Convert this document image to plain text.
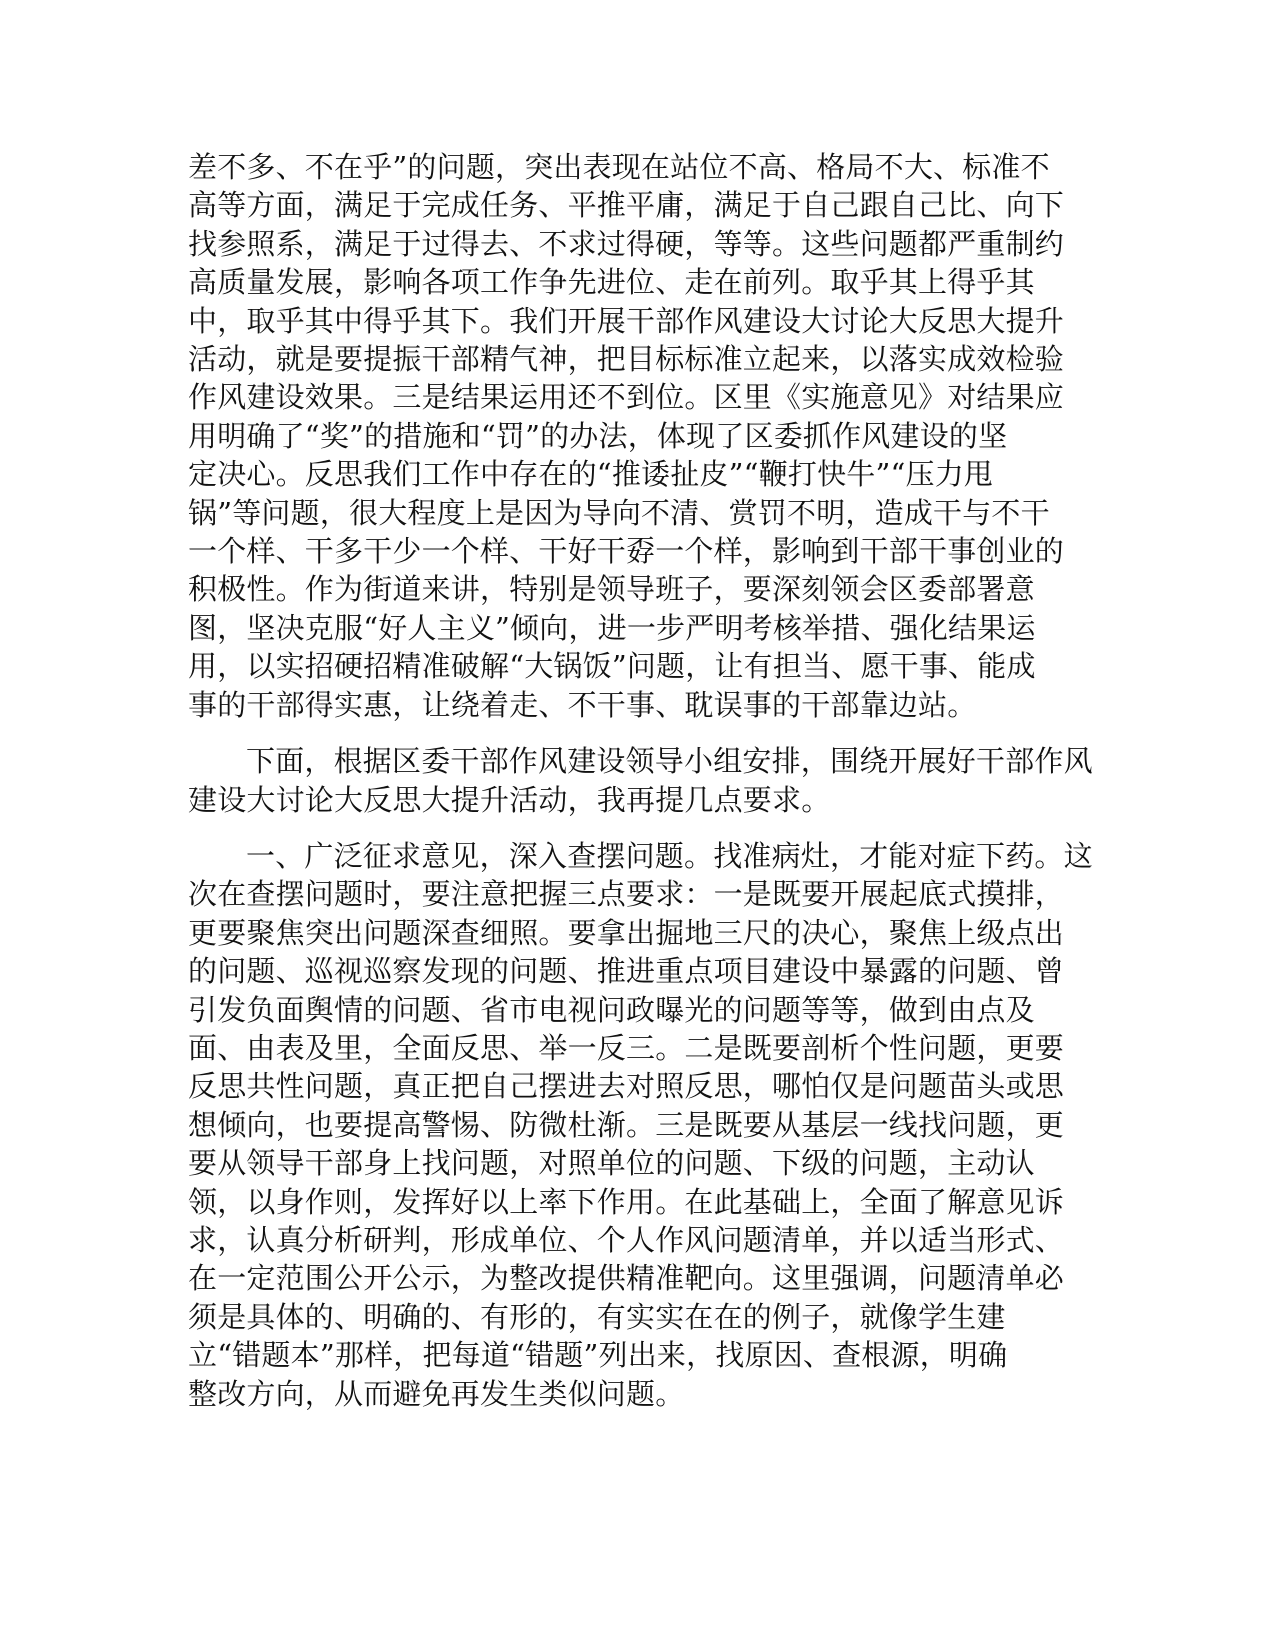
差不多、不在乎”的问题，突出表现在站位不高、格局不大、标准不
高等方面，满足于完成任务、平推平庸，满足于自己跟自己比、向下
找参照系，满足于过得去、不求过得硬，等等。这些问题都严重制约
高质量发展，影响各项工作争先进位、走在前列。取乎其上得乎其
中，取乎其中得乎其下。我们开展干部作风建设大讨论大反思大提升
活动，就是要提振干部精气神，把目标标准立起来，以落实成效检验
作风建设效果。三是结果运用还不到位。区里《实施意见》对结果应
用明确了“奖”的措施和“罚”的办法，体现了区委抓作风建设的坚
定决心。反思我们工作中存在的“推诿扯皮”“鞭打快牛”“压力甩
锅”等问题，很大程度上是因为导向不清、赏罚不明，造成干与不干
一个样、干多干少一个样、干好干孬一个样，影响到干部干事创业的
积极性。作为街道来讲，特别是领导班子，要深刻领会区委部署意
图，坚决克服“好人主义”倾向，进一步严明考核举措、强化结果运
用，以实招硬招精准破解“大锅饭”问题，让有担当、愿干事、能成
事的干部得实惠，让绕着走、不干事、耽误事的干部靠边站。

下面，根据区委干部作风建设领导小组安排，围绕开展好干部作风
建设大讨论大反思大提升活动，我再提几点要求。

一、广泛征求意见，深入查摆问题。找准病灶，才能对症下药。这
次在查摆问题时，要注意把握三点要求：一是既要开展起底式摸排，
更要聚焦突出问题深查细照。要拿出掘地三尺的决心，聚焦上级点出
的问题、巡视巡察发现的问题、推进重点项目建设中暴露的问题、曾
引发负面舆情的问题、省市电视问政曝光的问题等等，做到由点及
面、由表及里，全面反思、举一反三。二是既要剖析个性问题，更要
反思共性问题，真正把自己摆进去对照反思，哪怕仅是问题苗头或思
想倾向，也要提高警惕、防微杜渐。三是既要从基层一线找问题，更
要从领导干部身上找问题，对照单位的问题、下级的问题，主动认
领，以身作则，发挥好以上率下作用。在此基础上，全面了解意见诉
求，认真分析研判，形成单位、个人作风问题清单，并以适当形式、
在一定范围公开公示，为整改提供精准靶向。这里强调，问题清单必
须是具体的、明确的、有形的，有实实在在的例子，就像学生建
立“错题本”那样，把每道“错题”列出来，找原因、查根源，明确
整改方向，从而避免再发生类似问题。
